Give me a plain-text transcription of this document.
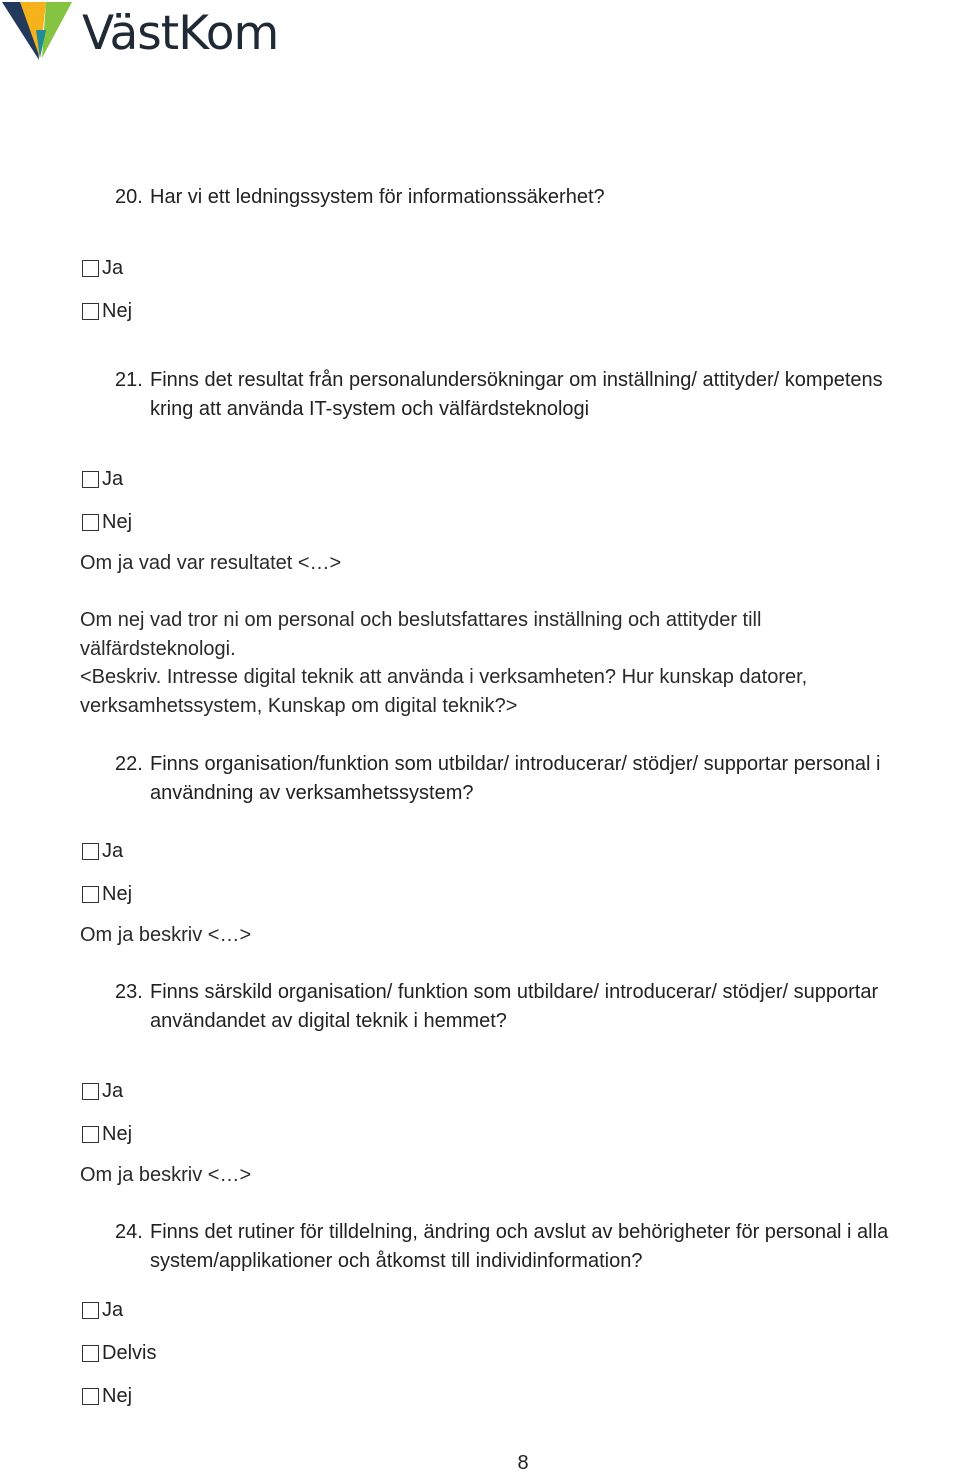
VästKom
20. Har vi ett ledningssystem för informationssäkerhet?
Ja
Nej
21. Finns det resultat från personalundersökningar om inställning/ attityder/ kompetens
kring att använda IT-system och välfärdsteknologi
Ja
Nej
Om ja vad var resultatet <…>
Om nej vad tror ni om personal och beslutsfattares inställning och attityder till
välfärdsteknologi.
<Beskriv. Intresse digital teknik att använda i verksamheten? Hur kunskap datorer,
verksamhetssystem, Kunskap om digital teknik?>
22. Finns organisation/funktion som utbildar/ introducerar/ stödjer/ supportar personal i
användning av verksamhetssystem?
Ja
Nej
Om ja beskriv <…>
23. Finns särskild organisation/ funktion som utbildare/ introducerar/ stödjer/ supportar
användandet av digital teknik i hemmet?
Ja
Nej
Om ja beskriv <…>
24. Finns det rutiner för tilldelning, ändring och avslut av behörigheter för personal i alla
system/applikationer och åtkomst till individinformation?
Ja
Delvis
Nej
8
